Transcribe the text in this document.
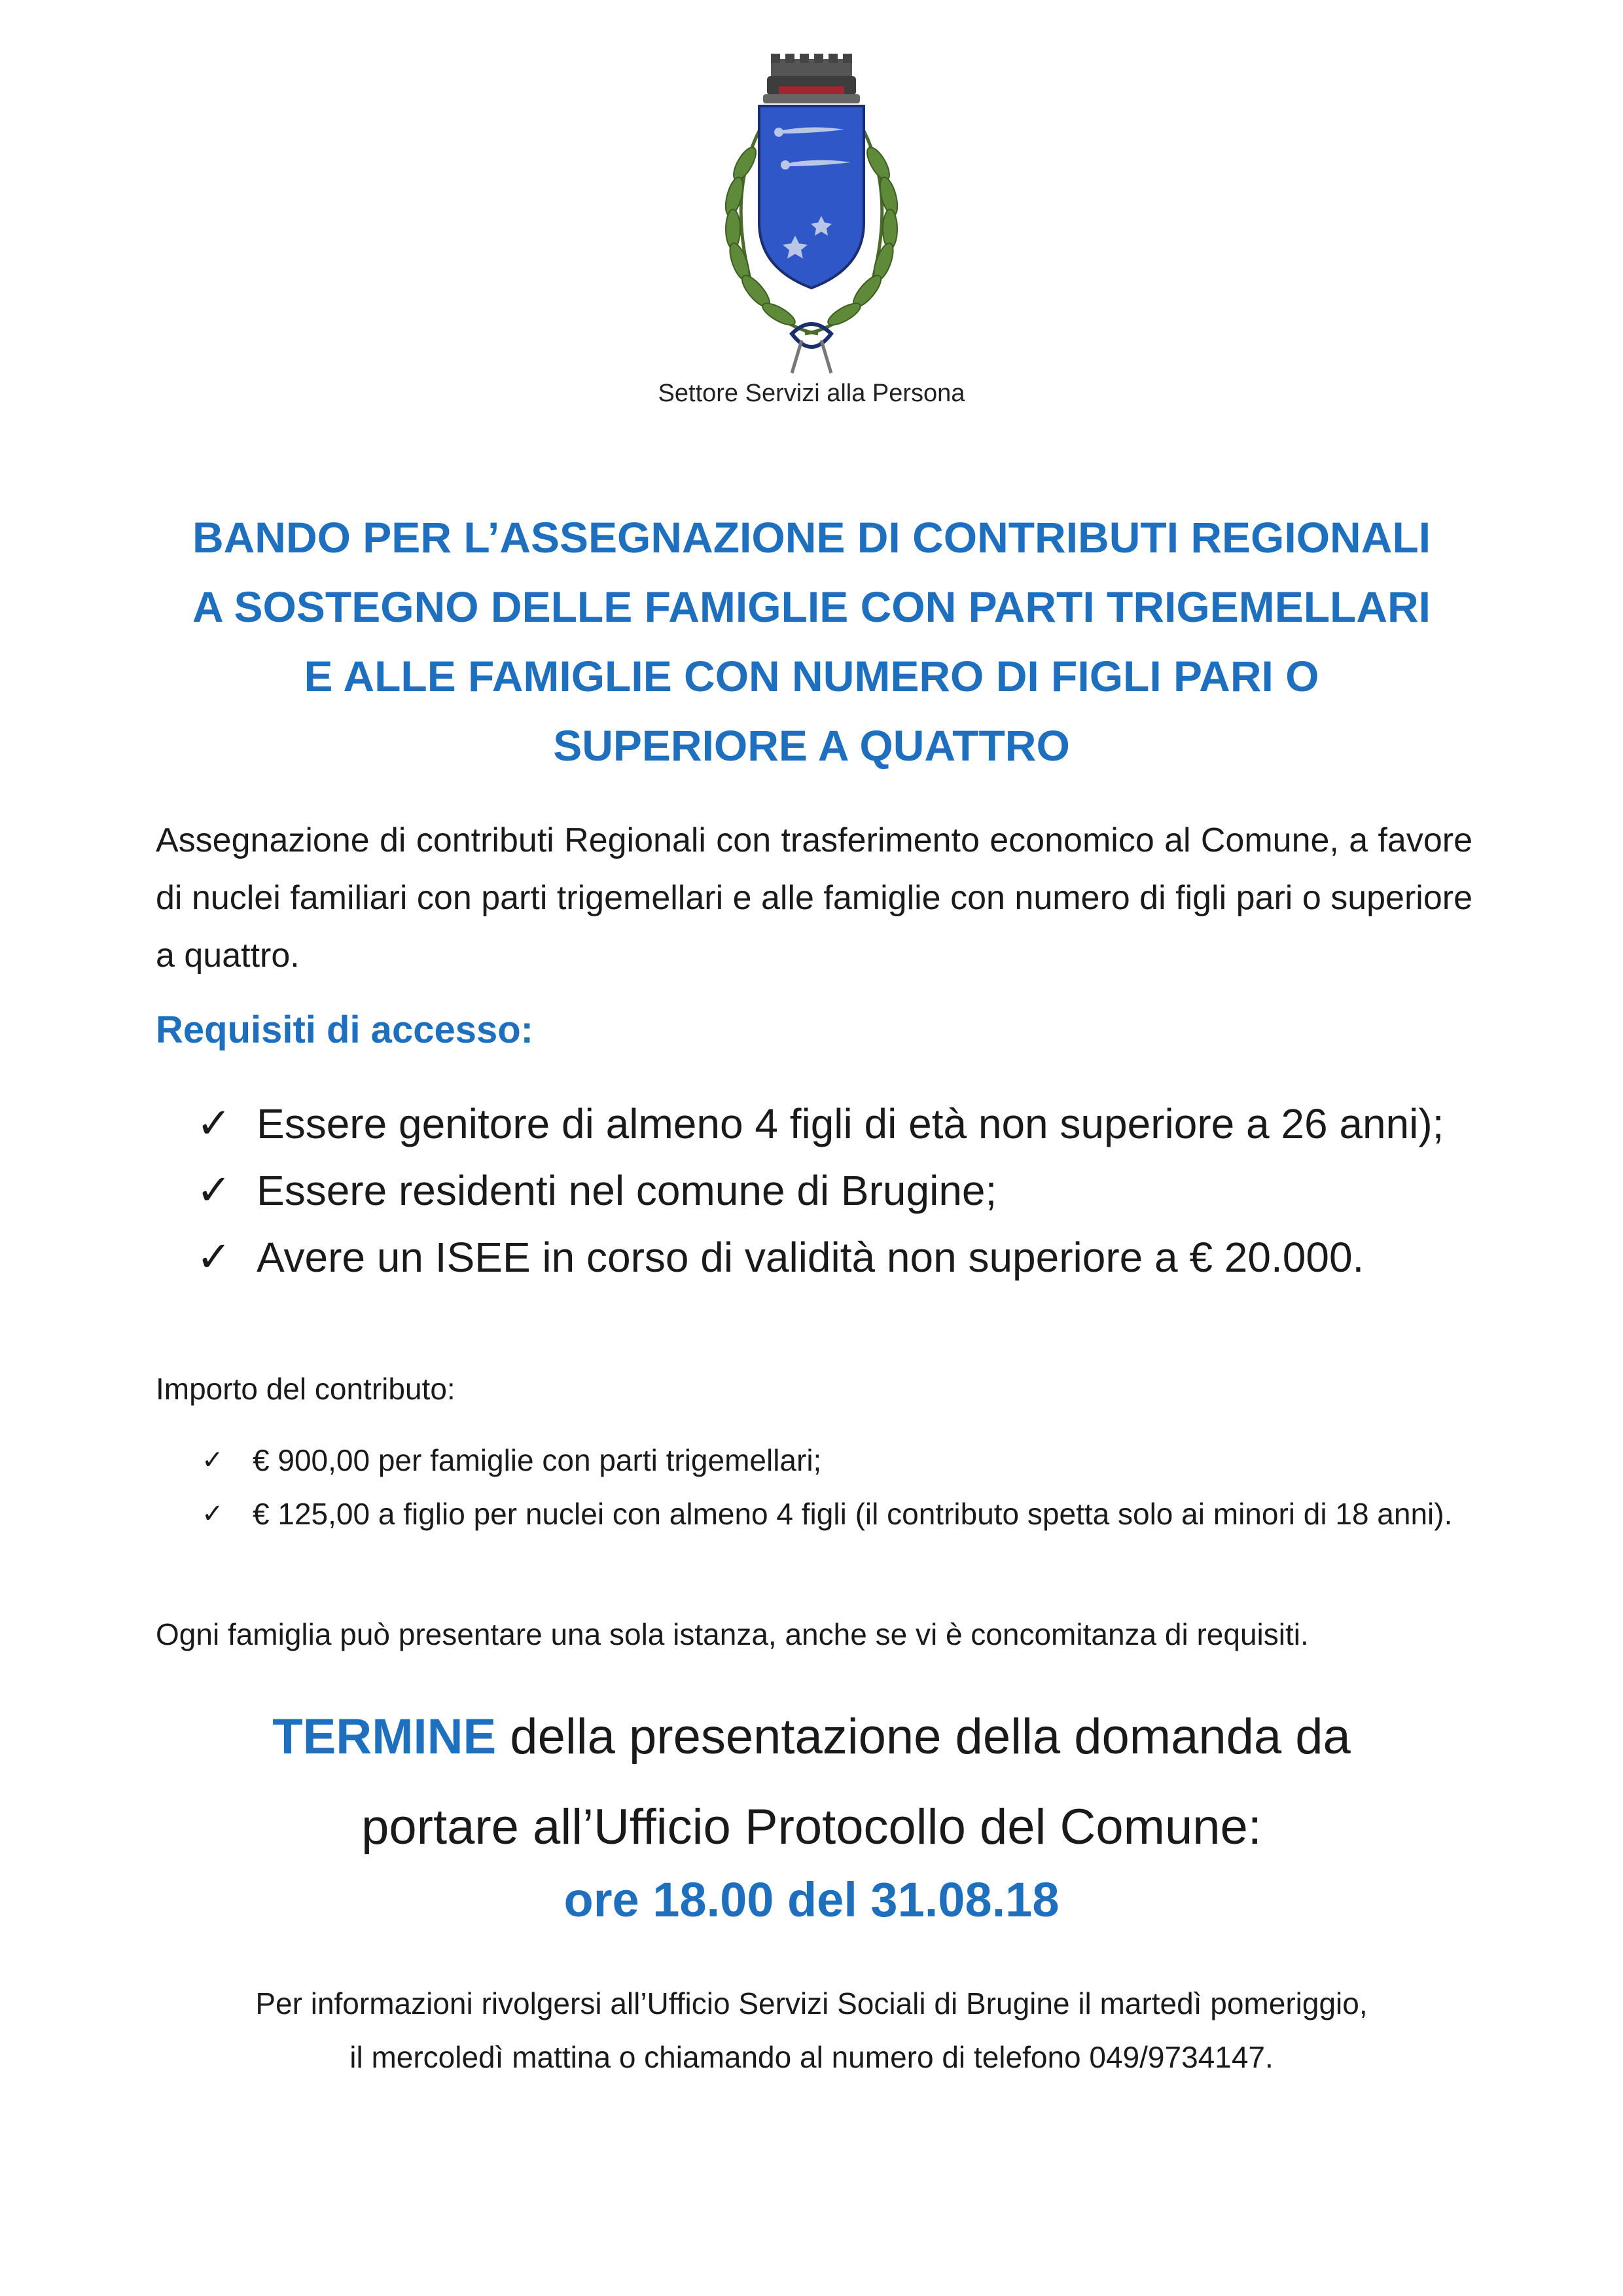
Settore Servizi alla Persona
BANDO PER L’ASSEGNAZIONE DI CONTRIBUTI REGIONALI
A SOSTEGNO DELLE FAMIGLIE CON PARTI TRIGEMELLARI
E ALLE FAMIGLIE CON NUMERO DI FIGLI PARI O
SUPERIORE A QUATTRO
Assegnazione di contributi Regionali con trasferimento economico al Comune, a favore di nuclei familiari con parti trigemellari e alle famiglie con numero di figli pari o superiore a quattro.
Requisiti di accesso:
✓ Essere genitore di almeno 4 figli di età non superiore a 26 anni);
✓ Essere residenti nel comune di Brugine;
✓ Avere un ISEE in corso di validità non superiore a € 20.000.
Importo del contributo:
✓ € 900,00 per famiglie con parti trigemellari;
✓ € 125,00 a figlio per nuclei con almeno 4 figli (il contributo spetta solo ai minori di 18 anni).
Ogni famiglia può presentare una sola istanza, anche se vi è concomitanza di requisiti.
TERMINE della presentazione della domanda da
portare all’Ufficio Protocollo del Comune:
ore 18.00 del 31.08.18
Per informazioni rivolgersi all’Ufficio Servizi Sociali di Brugine il martedì pomeriggio,
il mercoledì mattina o chiamando al numero di telefono 049/9734147.
